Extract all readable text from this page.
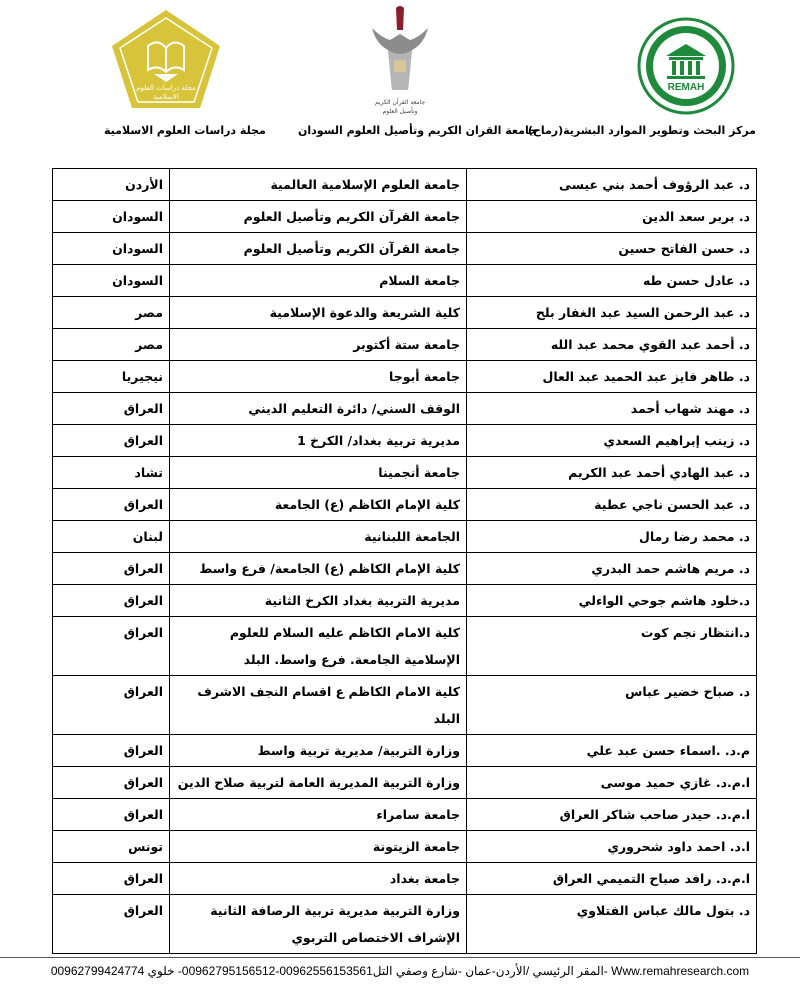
REMAH
جامعة القرآن الكريم
وتأصيل العلوم
مجلة دراسات العلوم
الاسلامية
مركز البحث وتطوير الموارد البشرية(رماح)
جامعة القران الكريم وتأصيل العلوم السودان
مجلة دراسات العلوم الاسلامية
د. عبد الرؤوف أحمد بني عيسى	جامعة العلوم الإسلامية العالمية	الأردن
د. بربر سعد الدين	جامعة القرآن الكريم وتأصيل العلوم	السودان
د. حسن الفاتح حسين	جامعة القرآن الكريم وتأصيل العلوم	السودان
د. عادل حسن طه	جامعة السلام	السودان
د. عبد الرحمن السيد عبد الغفار بلح	كلية الشريعة والدعوة الإسلامية	مصر
د. أحمد عبد القوي محمد عبد الله	جامعة ستة أكتوبر	مصر
د. طاهر فايز عبد الحميد عبد العال	جامعة أبوجا	نيجيريا
د. مهند شهاب أحمد	الوقف السني/ دائرة التعليم الديني	العراق
د. زينب إبراهيم السعدي	مديرية تربية بغداد/ الكرخ 1	العراق
د. عبد الهادي أحمد عبد الكريم	جامعة أنجمينا	تشاد
د. عبد الحسن ناجي عطية	كلية الإمام الكاظم (ع) الجامعة	العراق
د. محمد رضا رمال	الجامعة اللبنانية	لبنان
د. مريم هاشم حمد البدري	كلية الإمام الكاظم (ع) الجامعة/ فرع واسط	العراق
د.خلود هاشم جوحي الواءلي	مديرية التربية بغداد الكرخ الثانية	العراق
د.انتظار نجم كوت	كلية الامام الكاظم عليه السلام للعلوم الإسلامية الجامعة. فرع واسط. البلد	العراق
د. صباح خضير عباس	كلية الامام الكاظم ع اقسام النجف الاشرف البلد	العراق
م.د. .اسماء حسن عبد علي	وزارة التربية/ مديرية تربية واسط	العراق
ا.م.د. غازي حميد موسى	وزارة التربية المديرية العامة لتربية صلاح الدين	العراق
ا.م.د. حيدر صاحب شاكر العراق	جامعة سامراء	العراق
ا.د. احمد داود شحروري	جامعة الزيتونة	تونس
ا.م.د. رافد صباح التميمي العراق	جامعة بغداد	العراق
د. بتول مالك عباس الفتلاوي	وزارة التربية مديرية تربية الرصافة الثانية الإشراف الاختصاص التربوي	العراق
المقر الرئيسي /الأردن-عمان -شارع وصفي التل00962556153561-00962795156512- خلوي 00962799424774- Www.remahresearch.com
